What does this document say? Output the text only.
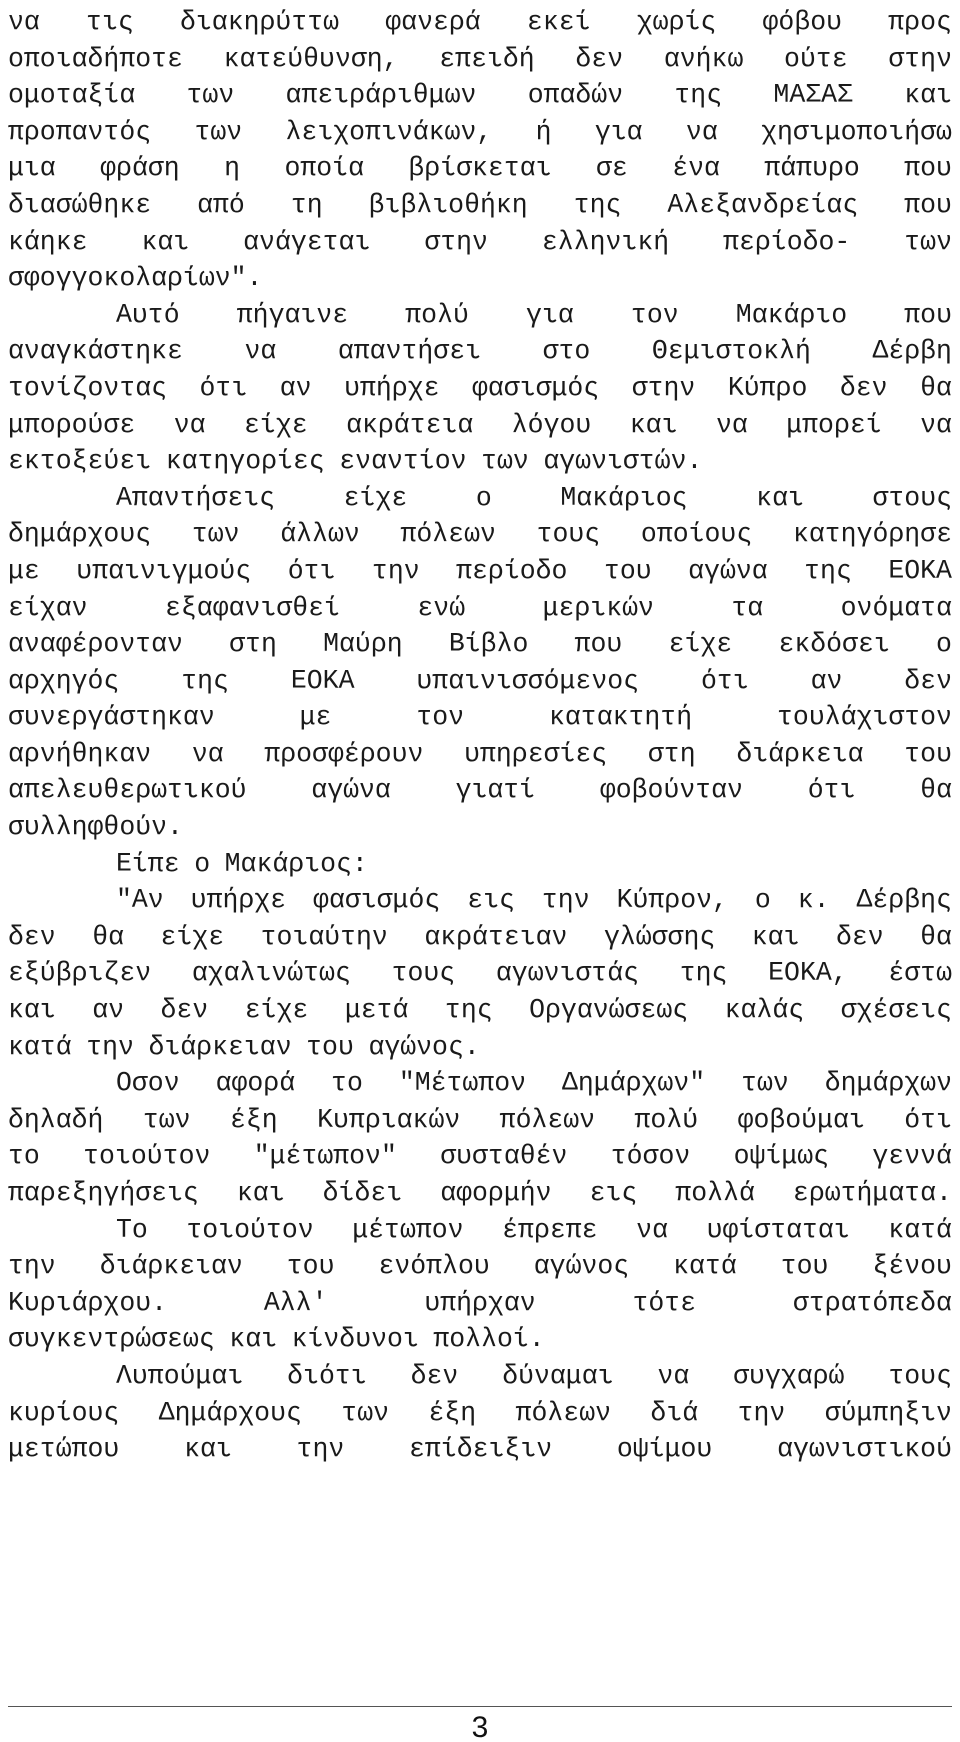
να τις διακηρύττω φανερά εκεί χωρίς φόβου προς
οποιαδήποτε κατεύθυνση, επειδή δεν ανήκω ούτε στην
ομοταξία των απειράριθμων οπαδών της ΜΑΣΑΣ και
προπαντός των λειχοπινάκων, ή για να χησιμοποιήσω
μια φράση η οποία βρίσκεται σε ένα πάπυρο που
διασώθηκε από τη βιβλιοθήκη της Αλεξανδρείας που
κάηκε και ανάγεται στην ελληνική περίοδο- των
σφογγοκολαρίων".
Αυτό πήγαινε πολύ για τον Μακάριο που
αναγκάστηκε να απαντήσει στο Θεμιστοκλή Δέρβη
τονίζοντας ότι αν υπήρχε φασισμός στην Κύπρο δεν θα
μπορούσε να είχε ακράτεια λόγου και να μπορεί να
εκτοξεύει κατηγορίες εναντίον των αγωνιστών.
Απαντήσεις	είχε	ο	Μακάριος	και	στους
δημάρχους των άλλων πόλεων τους οποίους κατηγόρησε
με υπαινιγμούς ότι την περίοδο του αγώνα της ΕΟΚΑ
είχαν	εξαφανισθεί	ενώ	μερικών	τα	ονόματα
αναφέρονταν στη Μαύρη Βίβλο που είχε εκδόσει ο
αρχηγός της ΕΟΚΑ υπαινισσόμενος ότι αν δεν
συνεργάστηκαν	με	τον	κατακτητή	τουλάχιστον
αρνήθηκαν να προσφέρουν υπηρεσίες στη διάρκεια του
απελευθερωτικού αγώνα γιατί φοβούνταν ότι θα
συλληφθούν.
Είπε ο Μακάριος:
"Αν υπήρχε φασισμός εις την Κύπρον, ο κ. Δέρβης
δεν θα είχε τοιαύτην ακράτειαν γλώσσης και δεν θα
εξύβριζεν αχαλινώτως τους αγωνιστάς της ΕΟΚΑ, έστω
και αν δεν είχε μετά της Οργανώσεως καλάς σχέσεις
κατά την διάρκειαν του αγώνος.
Οσον αφορά το "Μέτωπον Δημάρχων" των δημάρχων
δηλαδή των έξη Κυπριακών πόλεων πολύ φοβούμαι ότι
το τοιούτον "μέτωπον" συσταθέν τόσον οψίμως γεννά
παρεξηγήσεις και δίδει αφορμήν εις πολλά ερωτήματα.
Το τοιούτον μέτωπον έπρεπε να υφίσταται κατά
την διάρκειαν του ενόπλου αγώνος κατά του ξένου
Κυριάρχου.	Αλλ'	υπήρχαν	τότε	στρατόπεδα
συγκεντρώσεως και κίνδυνοι πολλοί.
Λυπούμαι διότι δεν δύναμαι να συγχαρώ τους
κυρίους Δημάρχους των έξη πόλεων διά την σύμπηξιν
μετώπου και την επίδειξιν οψίμου αγωνιστικού
3
